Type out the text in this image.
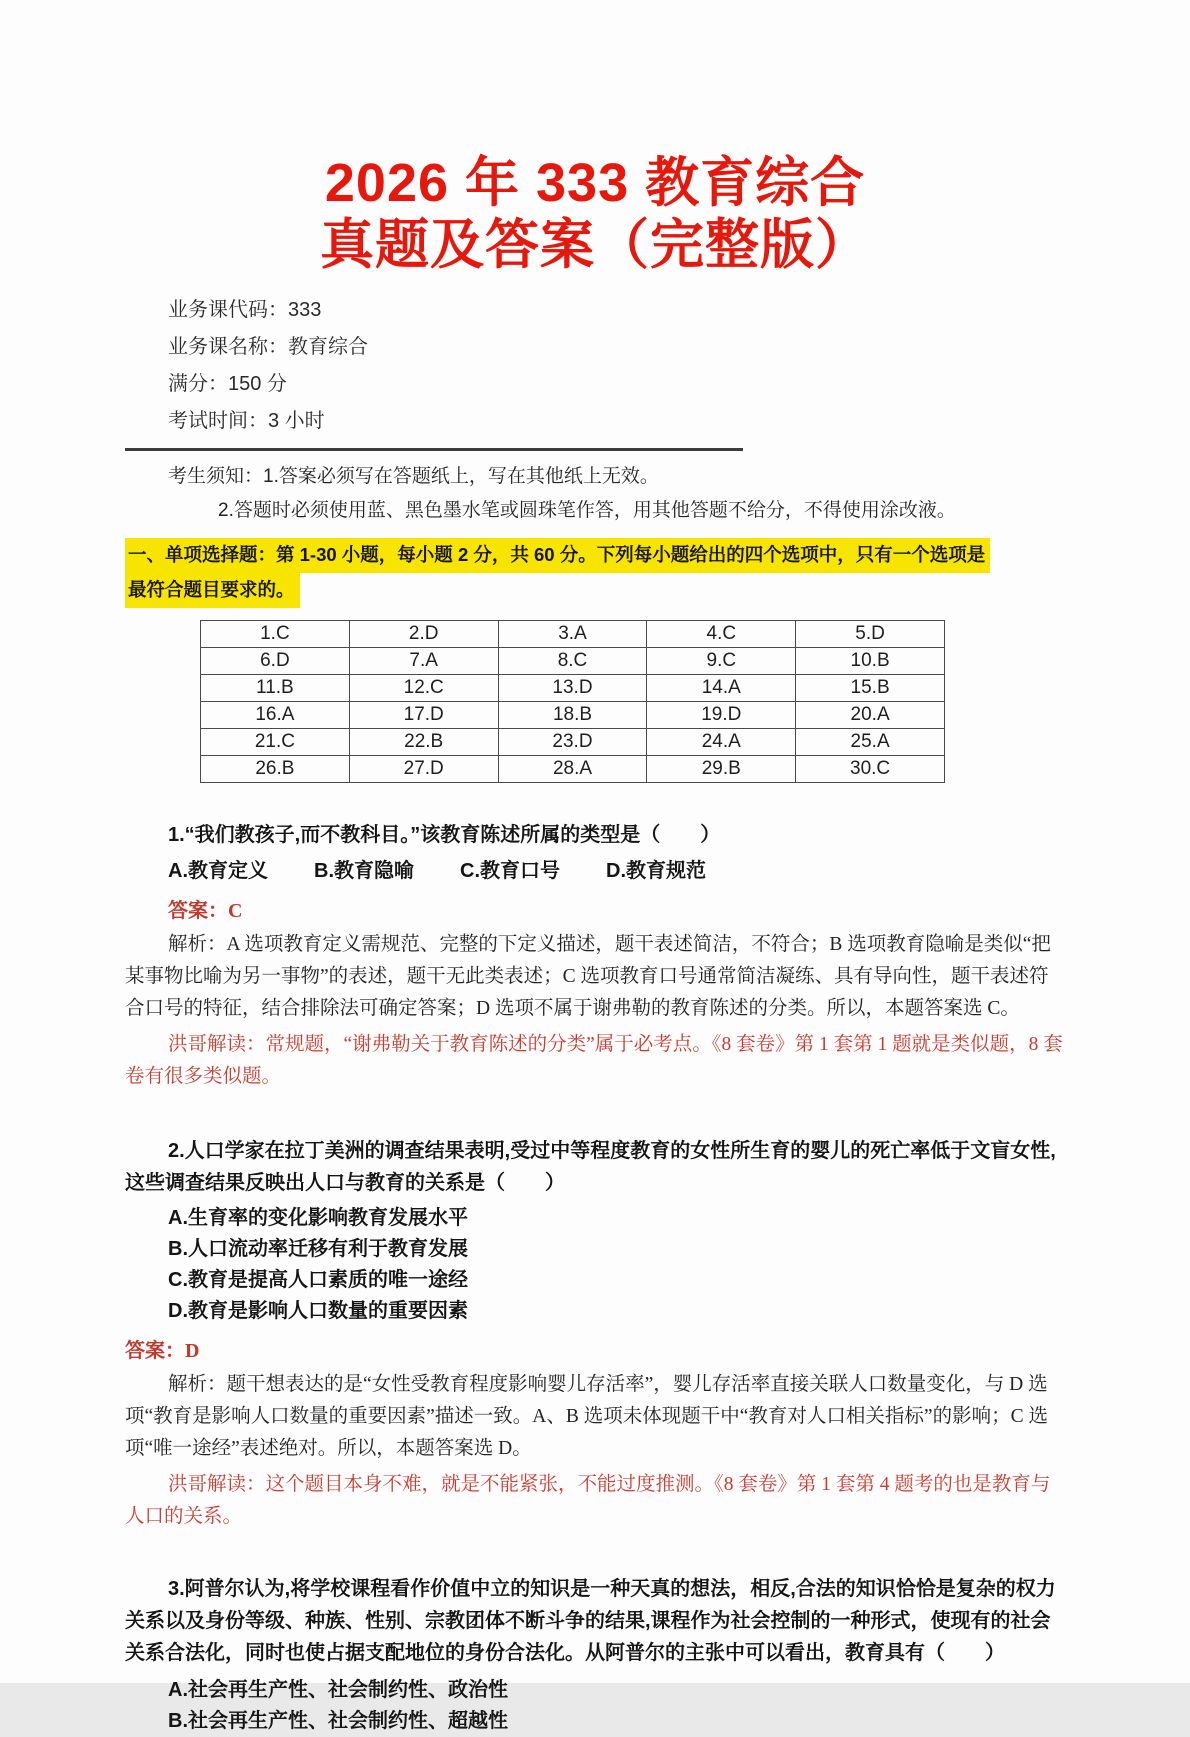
2026 年 333 教育综合
真题及答案（完整版）
业务课代码：333
业务课名称：教育综合
满分：150 分
考试时间：3 小时
考生须知：1.答案必须写在答题纸上，写在其他纸上无效。
2.答题时必须使用蓝、黑色墨水笔或圆珠笔作答，用其他答题不给分，不得使用涂改液。
一、单项选择题：第 1-30 小题，每小题 2 分，共 60 分。下列每小题给出的四个选项中，只有一个选项是
最符合题目要求的。
1.C	2.D	3.A	4.C	5.D
6.D	7.A	8.C	9.C	10.B
11.B	12.C	13.D	14.A	15.B
16.A	17.D	18.B	19.D	20.A
21.C	22.B	23.D	24.A	25.A
26.B	27.D	28.A	29.B	30.C
1.“我们教孩子,而不教科目。”该教育陈述所属的类型是（　　）
A.教育定义 B.教育隐喻 C.教育口号 D.教育规范
答案：C
解析：A 选项教育定义需规范、完整的下定义描述，题干表述简洁，不符合；B 选项教育隐喻是类似“把某事物比喻为另一事物”的表述，题干无此类表述；C 选项教育口号通常简洁凝练、具有导向性，题干表述符合口号的特征，结合排除法可确定答案；D 选项不属于谢弗勒的教育陈述的分类。所以，本题答案选 C。
洪哥解读：常规题，“谢弗勒关于教育陈述的分类”属于必考点。《8 套卷》第 1 套第 1 题就是类似题，8 套卷有很多类似题。
2.人口学家在拉丁美洲的调查结果表明,受过中等程度教育的女性所生育的婴儿的死亡率低于文盲女性,这些调查结果反映出人口与教育的关系是（　　）
A.生育率的变化影响教育发展水平
B.人口流动率迁移有利于教育发展
C.教育是提高人口素质的唯一途经
D.教育是影响人口数量的重要因素
答案：D
解析：题干想表达的是“女性受教育程度影响婴儿存活率”，婴儿存活率直接关联人口数量变化，与 D 选项“教育是影响人口数量的重要因素”描述一致。A、B 选项未体现题干中“教育对人口相关指标”的影响；C 选项“唯一途经”表述绝对。所以，本题答案选 D。
洪哥解读：这个题目本身不难，就是不能紧张，不能过度推测。《8 套卷》第 1 套第 4 题考的也是教育与人口的关系。
3.阿普尔认为,将学校课程看作价值中立的知识是一种天真的想法，相反,合法的知识恰恰是复杂的权力关系以及身份等级、种族、性别、宗教团体不断斗争的结果,课程作为社会控制的一种形式，使现有的社会关系合法化，同时也使占据支配地位的身份合法化。从阿普尔的主张中可以看出，教育具有（　　）
A.社会再生产性、社会制约性、政治性
B.社会再生产性、社会制约性、超越性
